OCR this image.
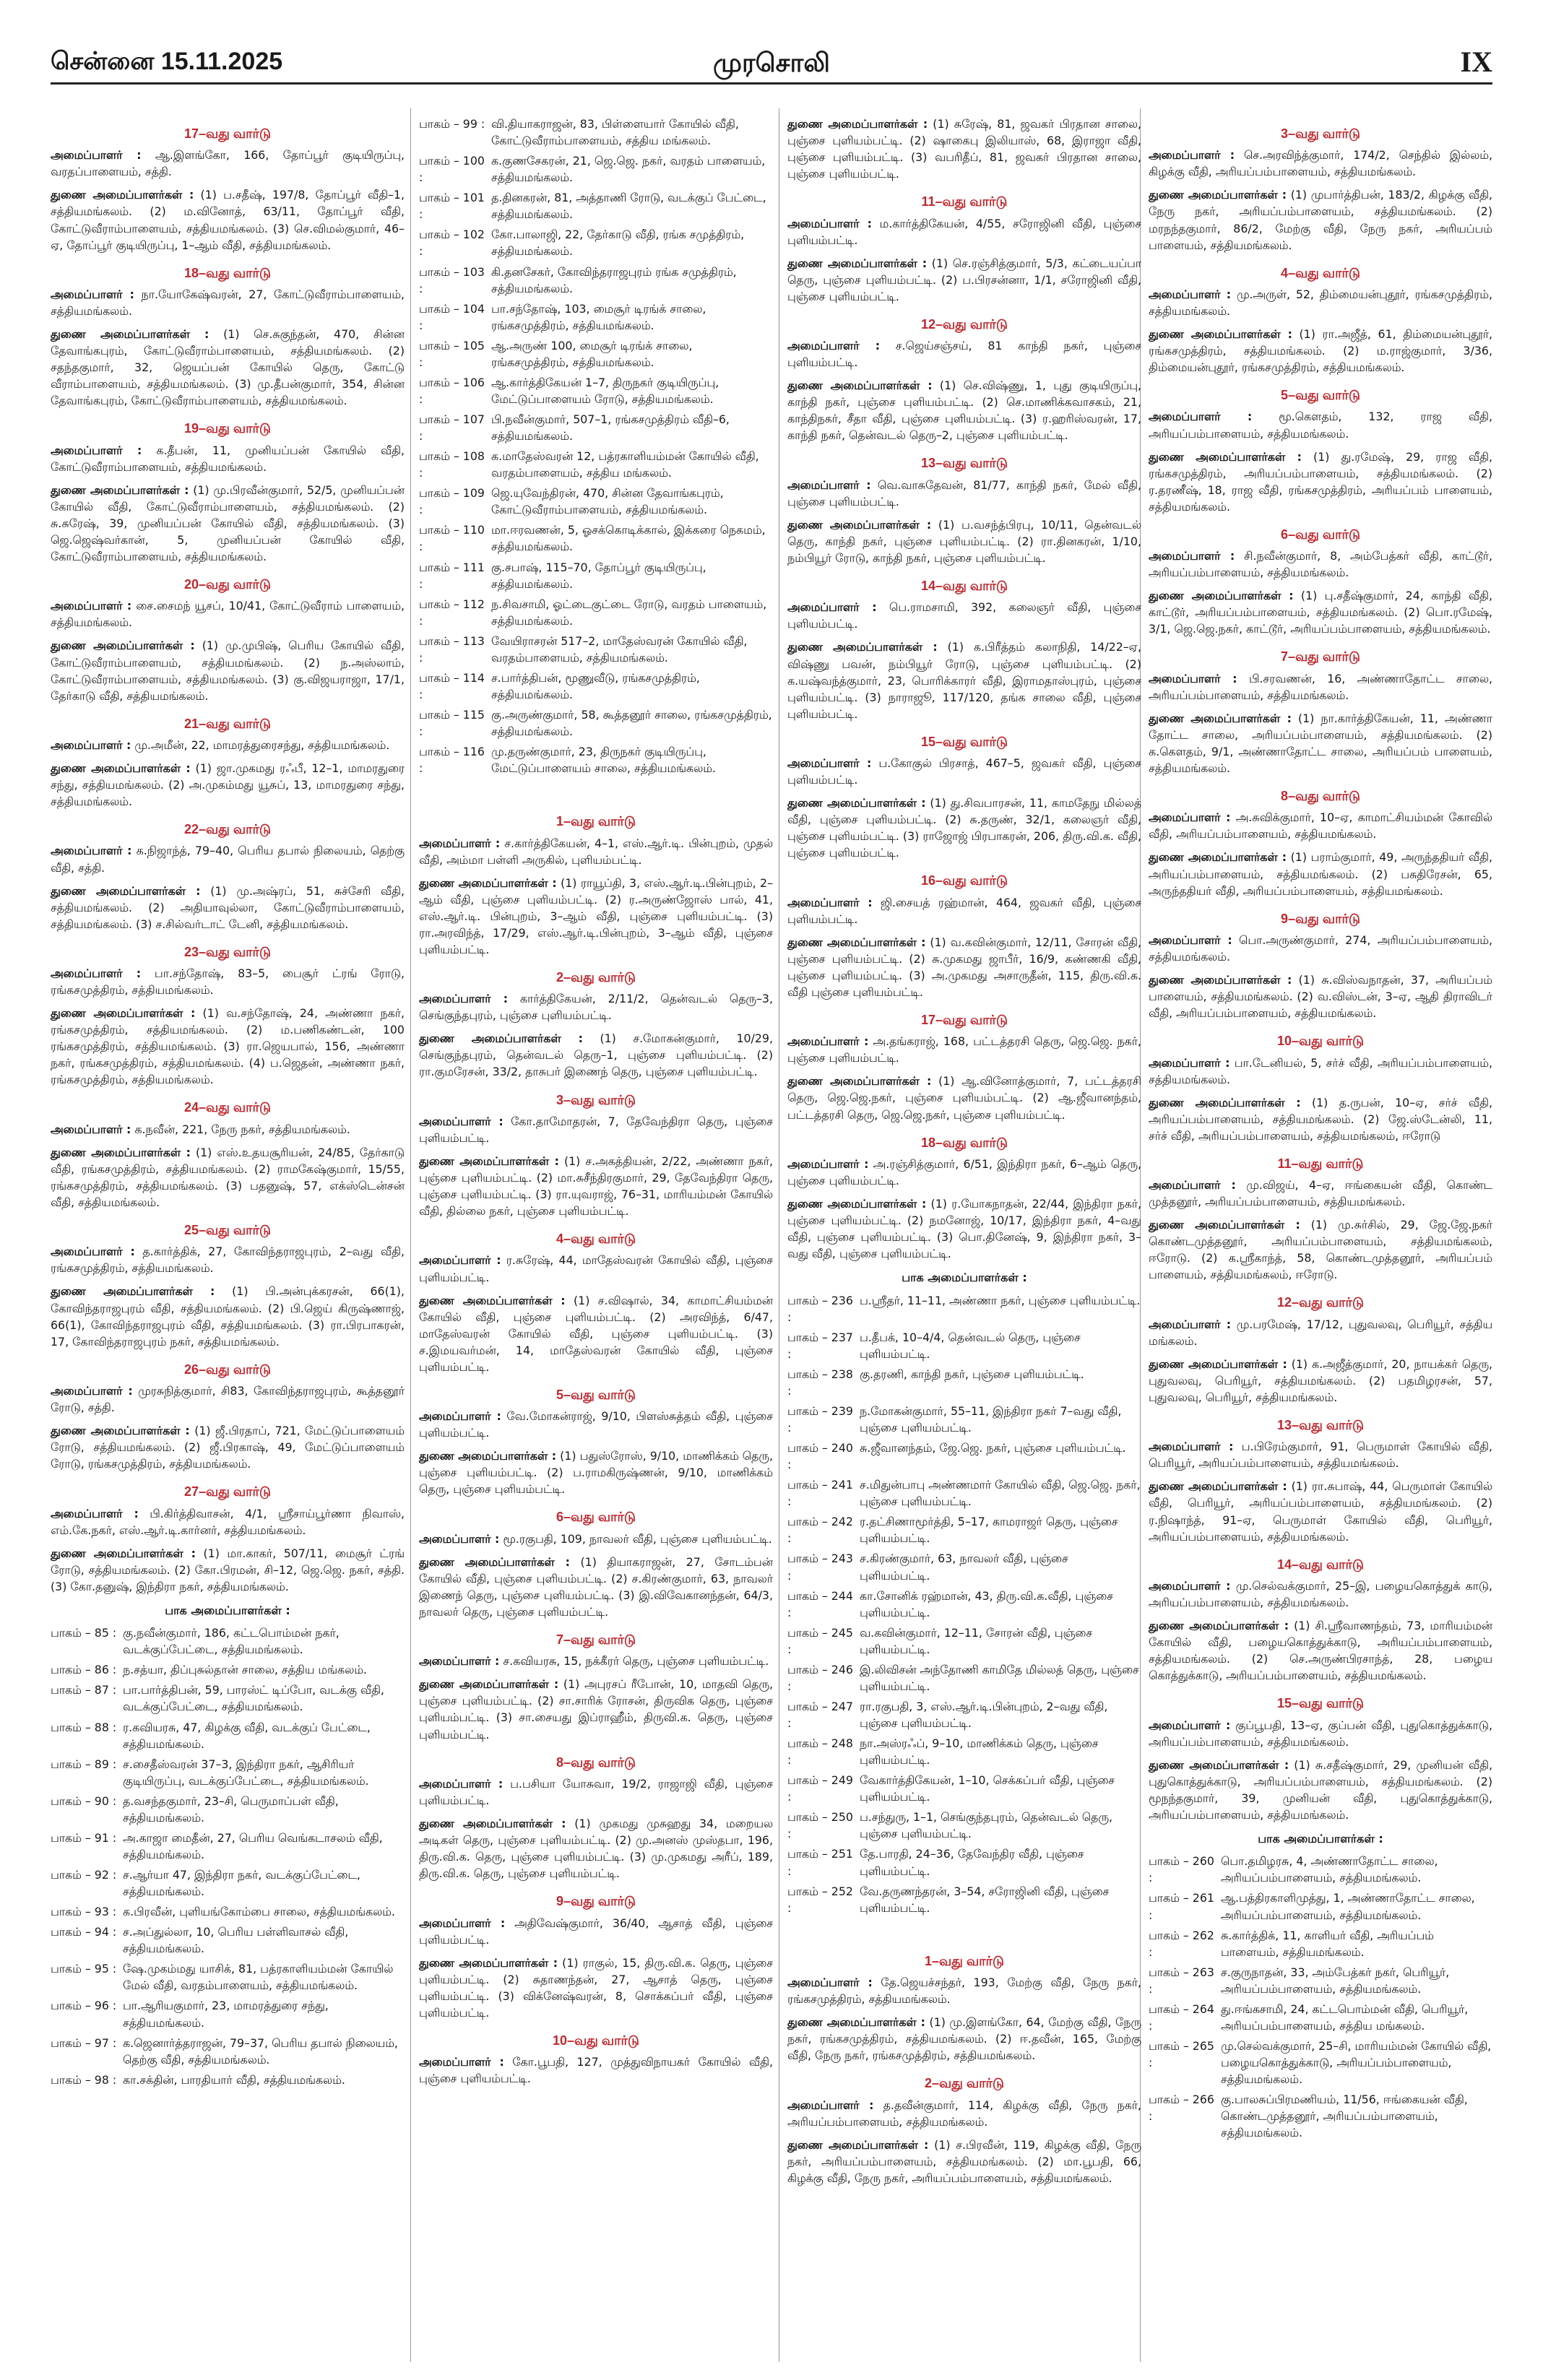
சென்னை 15.11.2025	முரசொலி	IX
17–வது வார்டு
அமைப்பாளர் : ஆ.இளங்கோ, 166, தோப்பூர் குடியிருப்பு, வரதப்பாளையம், சத்தி.
துணை அமைப்பாளர்கள் : (1) ப.சதீஷ், 197/8, தோப்பூர் வீதி–1, சத்தியமங்கலம். (2) ம.வினோத், 63/11, தோப்பூர் வீதி, கோட்டுவீராம்பாளையம், சத்தியமங்கலம். (3) செ.விமல்குமார், 46–ஏ, தோப்பூர் குடியிருப்பு, 1–ஆம் வீதி, சத்தியமங்கலம்.
18–வது வார்டு
அமைப்பாளர் : நா.யோகேஷ்வரன், 27, கோட்டுவீராம்பாளையம், சத்தியமங்கலம்.
துணை அமைப்பாளர்கள் : (1) செ.சுகுந்தன், 470, சின்ன தேவாங்கபுரம், கோட்டுவீராம்பாளையம், சத்தியமங்கலம். (2) சதந்தகுமார், 32, ஜெயப்பன் கோயில் தெரு, கோட்டு வீராம்பாளையம், சத்தியமங்கலம். (3) மு.தீபன்குமார், 354, சின்ன தேவாங்கபுரம், கோட்டுவீராம்பாளையம், சத்தியமங்கலம்.
19–வது வார்டு
அமைப்பாளர் : க.தீபன், 11, முனியப்பன் கோயில் வீதி, கோட்டுவீராம்பாளையம், சத்தியமங்கலம்.
துணை அமைப்பாளர்கள் : (1) மு.பிரவீன்குமார், 52/5, முனியப்பன் கோயில் வீதி, கோட்டுவீராம்பாளையம், சத்தியமங்கலம். (2) சு.சுரேஷ், 39, முனியப்பன் கோயில் வீதி, சத்தியமங்கலம். (3) ஜெ.ஜெஷ்வர்கான், 5, முனியப்பன் கோயில் வீதி, கோட்டுவீராம்பாளையம், சத்தியமங்கலம்.
20–வது வார்டு
அமைப்பாளர் : சை.சைமந் யூசப், 10/41, கோட்டுவீராம் பாளையம், சத்தியமங்கலம்.
துணை அமைப்பாளர்கள் : (1) மு.முபிஷ், பெரிய கோயில் வீதி, கோட்டுவீராம்பாளையம், சத்தியமங்கலம். (2) ந.அஸ்லாம், கோட்டுவீராம்பாளையம், சத்தியமங்கலம். (3) கு.விஜயராஜா, 17/1, தேர்காடு வீதி, சத்தியமங்கலம்.
21–வது வார்டு
அமைப்பாளர் : மு.அமீன், 22, மாமரத்துரைசந்து, சத்தியமங்கலம்.
துணை அமைப்பாளர்கள் : (1) ஜா.முகமது ரஃபீ, 12–1, மாமரதுரை சந்து, சத்தியமங்கலம். (2) அ.முகம்மது யூசுப், 13, மாமரதுரை சந்து, சத்தியமங்கலம்.
22–வது வார்டு
அமைப்பாளர் : க.நிஜாந்த், 79–40, பெரிய தபால் நிலையம், தெற்கு வீதி, சத்தி.
துணை அமைப்பாளர்கள் : (1) மு.அஷ்ரப், 51, சுச்சேரி வீதி, சத்தியமங்கலம். (2) அதியாவுல்லா, கோட்டுவீராம்பாளையம், சத்தியமங்கலம். (3) ச.சில்வர்டாட் டேனி, சத்தியமங்கலம்.
23–வது வார்டு
அமைப்பாளர் : பா.சந்தோஷ், 83–5, பைசூர் ட்ரங் ரோடு, ரங்கசமுத்திரம், சத்தியமங்கலம்.
துணை அமைப்பாளர்கள் : (1) வ.சந்தோஷ், 24, அண்ணா நகர், ரங்கசமுத்திரம், சத்தியமங்கலம். (2) ம.பணிகண்டன், 100 ரங்கசமுத்திரம், சத்தியமங்கலம். (3) ரா.ஜெயபால், 156, அண்ணா நகர், ரங்கசமுத்திரம், சத்தியமங்கலம். (4) ப.ஜெதன், அண்ணா நகர், ரங்கசமுத்திரம், சத்தியமங்கலம்.
24–வது வார்டு
அமைப்பாளர் : க.நவீன், 221, நேரு நகர், சத்தியமங்கலம்.
துணை அமைப்பாளர்கள் : (1) எஸ்.உதயசூரியன், 24/85, தேர்காடு வீதி, ரங்கசமுத்திரம், சத்தியமங்கலம். (2) ராமகேஷ்குமார், 15/55, ரங்கசமுத்திரம், சத்தியமங்கலம். (3) பதனுஷ், 57, எக்ஸ்டென்சன் வீதி, சத்தியமங்கலம்.
25–வது வார்டு
அமைப்பாளர் : த.கார்த்திக், 27, கோவிந்தராஜபுரம், 2–வது வீதி, ரங்கசமுத்திரம், சத்தியமங்கலம்.
துணை அமைப்பாளர்கள் : (1) பி.அன்புக்கரசன், 66(1), கோவிந்தராஜபுரம் வீதி, சத்தியமங்கலம். (2) பி.ஜெய் கிருஷ்ணாஜ், 66(1), கோவிந்தராஜபுரம் வீதி, சத்தியமங்கலம். (3) ரா.பிரபாகரன், 17, கோவிந்தராஜபுரம் நகர், சத்தியமங்கலம்.
26–வது வார்டு
அமைப்பாளர் : முரசுநித்குமார், சி83, கோவிந்தராஜபுரம், கூத்தனூர் ரோடு, சத்தி.
துணை அமைப்பாளர்கள் : (1) ஜீ.பிரதாப், 721, மேட்டுப்பாளையம் ரோடு, சத்தியமங்கலம். (2) ஜீ.பிரகாஷ், 49, மேட்டுப்பாளையம் ரோடு, ரங்கசமுத்திரம், சத்தியமங்கலம்.
27–வது வார்டு
அமைப்பாளர் : பி.கிர்த்திவாசன், 4/1, ஸ்ரீசாய்பூர்ணா நிவாஸ், எம்.கே.நகர், எஸ்.ஆர்.டி.கார்னர், சத்தியமங்கலம்.
துணை அமைப்பாளர்கள் : (1) மா.காகர், 507/11, மைசூர் ட்ரங் ரோடு, சத்தியமங்கலம். (2) கோ.பிரமன், சி–12, ஜெ.ஜெ. நகர், சத்தி. (3) கோ.தனுஷ், இந்திரா நகர், சத்தியமங்கலம்.
பாக அமைப்பாளர்கள் :
பாகம் – 85 : கு.நவீன்குமார், 186, கட்டபொம்மன் நகர், வடக்குப்பேட்டை, சத்தியமங்கலம்.
பாகம் – 86 : ந.சத்யா, திப்புசுல்தான் சாலை, சத்திய மங்கலம்.
பாகம் – 87 : பா.பார்த்திபன், 59, பாரஸ்ட் டிப்போ, வடக்கு வீதி, வடக்குப்பேட்டை, சத்தியமங்கலம்.
பாகம் – 88 : ர.கவியரசு, 47, கிழக்கு வீதி, வடக்குப் பேட்டை, சத்தியமங்கலம்.
பாகம் – 89 : ச.சைதீஸ்வரன் 37–3, இந்திரா நகர், ஆசிரியர் குடியிருப்பு, வடக்குப்பேட்டை, சத்தியமங்கலம்.
பாகம் – 90 : த.வசந்தகுமார், 23–சி, பெருமாப்பள் வீதி, சத்தியமங்கலம்.
பாகம் – 91 : அ.காஜா மைதீன், 27, பெரிய வெங்கடாசலம் வீதி, சத்தியமங்கலம்.
பாகம் – 92 : ச.ஆர்யா 47, இந்திரா நகர், வடக்குப்பேட்டை, சத்தியமங்கலம்.
பாகம் – 93 : க.பிரவீன், புளியங்கோம்பை சாலை, சத்தியமங்கலம்.
பாகம் – 94 : ச.அப்துல்லா, 10, பெரிய பள்ளிவாசல் வீதி, சத்தியமங்கலம்.
பாகம் – 95 : ஷே.முகம்மது யாசிக், 81, பத்ரகாளியம்மன் கோயில் மேல் வீதி, வரதம்பாளையம், சத்தியமங்கலம்.
பாகம் – 96 : பா.ஆரியகுமார், 23, மாமரத்துரை சந்து, சத்தியமங்கலம்.
பாகம் – 97 : க.ஜெனார்த்தராஜன், 79–37, பெரிய தபால் நிலையம், தெற்கு வீதி, சத்தியமங்கலம்.
பாகம் – 98 : கா.சக்தின், பாரதியார் வீதி, சத்தியமங்கலம்.
பாகம் – 99 : வி.தியாகராஜன், 83, பிள்ளையார் கோயில் வீதி, கோட்டுவீராம்பாளையம், சத்திய மங்கலம்.
பாகம் – 100 :
க.குணசேகரன், 21, ஜெ.ஜெ. நகர், வரதம் பாளையம், சத்தியமங்கலம்.
பாகம் – 101 :
த.தினகரன், 81, அத்தாணி ரோடு, வடக்குப் பேட்டை, சத்தியமங்கலம்.
பாகம் – 102 :
கோ.பாலாஜி, 22, தேர்காடு வீதி, ரங்க சமுத்திரம், சத்தியமங்கலம்.
பாகம் – 103 :
கி.தனசேகர், கோவிந்தராஜபுரம் ரங்க சமுத்திரம், சத்தியமங்கலம்.
பாகம் – 104 :
பா.சந்தோஷ், 103, மைசூர் டிரங்க் சாலை, ரங்கசமுத்திரம், சத்தியமங்கலம்.
பாகம் – 105 :
ஆ.அருண் 100, மைசூர் டிரங்க் சாலை, ரங்கசமுத்திரம், சத்தியமங்கலம்.
பாகம் – 106 :
ஆ.கார்த்திகேயன் 1–7, திருநகர் குடியிருப்பு, மேட்டுப்பாளையம் ரோடு, சத்தியமங்கலம்.
பாகம் – 107 :
பி.நவீன்குமார், 507–1, ரங்கசமுத்திரம் வீதி–6, சத்தியமங்கலம்.
பாகம் – 108 :
க.மாதேஸ்வரன் 12, பத்ரகாளியம்மன் கோயில் வீதி, வரதம்பாளையம், சத்திய மங்கலம்.
பாகம் – 109 :
ஜெ.யுவேந்திரன், 470, சின்ன தேவாங்கபுரம், கோட்டுவீராம்பாளையம், சத்தியமங்கலம்.
பாகம் – 110 :
மா.ஈரவணன், 5, ஓசக்கொடிக்கால், இக்கரை நெகமம், சத்தியமங்கலம்.
பாகம் – 111 :
கு.சபாஷ், 115–70, தோப்பூர் குடியிருப்பு, சத்தியமங்கலம்.
பாகம் – 112 :
ந.சிவசாமி, ஓட்டைகுட்டை ரோடு, வரதம் பாளையம், சத்தியமங்கலம்.
பாகம் – 113 :
வேயிராசரன் 517–2, மாதேஸ்வரன் கோயில் வீதி, வரதம்பாளையம், சத்தியமங்கலம்.
பாகம் – 114 :
ச.பார்த்திபன், மூணுவீடு, ரங்கசமுத்திரம், சத்தியமங்கலம்.
பாகம் – 115 :
கு.அருண்குமார், 58, கூத்தனூர் சாலை, ரங்கசமுத்திரம், சத்தியமங்கலம்.
பாகம் – 116 :
மு.தருண்குமார், 23, திருநகர் குடியிருப்பு, மேட்டுப்பாளையம் சாலை, சத்தியமங்கலம்.
1–வது வார்டு
அமைப்பாளர் : ச.கார்த்திகேயன், 4–1, எஸ்.ஆர்.டி. பின்புறம், முதல் வீதி, அம்மா பள்ளி அருகில், புளியம்பட்டி.
துணை அமைப்பாளர்கள் : (1) ராயூப்தி, 3, எஸ்.ஆர்.டி.பின்புறம், 2–ஆம் வீதி, புஞ்சை புளியம்பட்டி. (2) ர.அருண்ஜோஸ் பால், 41, எஸ்.ஆர்.டி. பின்புறம், 3–ஆம் வீதி, புஞ்சை புளியம்பட்டி. (3) ரா.அரவிந்த், 17/29, எஸ்.ஆர்.டி.பின்புறம், 3–ஆம் வீதி, புஞ்சை புளியம்பட்டி.
2–வது வார்டு
அமைப்பாளர் : கார்த்திகேயன், 2/11/2, தென்வடல் தெரு–3, செங்குந்தபுரம், புஞ்சை புளியம்பட்டி.
துணை அமைப்பாளர்கள் : (1) ச.மோகன்குமார், 10/29, செங்குந்தபுரம், தென்வடல் தெரு–1, புஞ்சை புளியம்பட்டி. (2) ரா.குமரேசன், 33/2, தாசுபர் இணைந் தெரு, புஞ்சை புளியம்பட்டி.
3–வது வார்டு
அமைப்பாளர் : கோ.தாமோதரன், 7, தேவேந்திரா தெரு, புஞ்சை புளியம்பட்டி.
துணை அமைப்பாளர்கள் : (1) ச.அகத்தியன், 2/22, அண்ணா நகர், புஞ்சை புளியம்பட்டி. (2) மா.சுசீந்திரகுமார், 29, தேவேந்திரா தெரு, புஞ்சை புளியம்பட்டி. (3) ரா.யுவராஜ், 76–31, மாரியம்மன் கோயில் வீதி, தில்லை நகர், புஞ்சை புளியம்பட்டி.
4–வது வார்டு
அமைப்பாளர் : ர.சுரேஷ், 44, மாதேஸ்வரன் கோயில் வீதி, புஞ்சை புளியம்பட்டி.
துணை அமைப்பாளர்கள் : (1) ச.விஷால், 34, காமாட்சியம்மன் கோயில் வீதி, புஞ்சை புளியம்பட்டி. (2) அரவிந்த், 6/47, மாதேஸ்வரன் கோயில் வீதி, புஞ்சை புளியம்பட்டி. (3) ச.இமயவர்மன், 14, மாதேஸ்வரன் கோயில் வீதி, புஞ்சை புளியம்பட்டி.
5–வது வார்டு
அமைப்பாளர் : வே.மோகன்ராஜ், 9/10, பிளஸ்சுத்தம் வீதி, புஞ்சை புளியம்பட்டி.
துணை அமைப்பாளர்கள் : (1) பதுஸ்ரோஸ், 9/10, மாணிக்கம் தெரு, புஞ்சை புளியம்பட்டி. (2) ப.ராமகிருஷ்ணன், 9/10, மாணிக்கம் தெரு, புஞ்சை புளியம்பட்டி.
6–வது வார்டு
அமைப்பாளர் : மூ.ரகுபதி, 109, நாவலர் வீதி, புஞ்சை புளியம்பட்டி.
துணை அமைப்பாளர்கள் : (1) தியாகராஜன், 27, சோடம்பன் கோயில் வீதி, புஞ்சை புளியம்பட்டி. (2) ச.கிரண்குமார், 63, நாவலர் இணைந் தெரு, புஞ்சை புளியம்பட்டி. (3) இ.விவேகானந்தன், 64/3, நாவலர் தெரு, புஞ்சை புளியம்பட்டி.
7–வது வார்டு
அமைப்பாளர் : ச.கவியரசு, 15, நக்கீரர் தெரு, புஞ்சை புளியம்பட்டி.
துணை அமைப்பாளர்கள் : (1) அபுரசப் ரீபோன், 10, மாதவி தெரு, புஞ்சை புளியம்பட்டி. (2) சா.சாரிக் ரோசன், திருவிக தெரு, புஞ்சை புளியம்பட்டி. (3) சா.சையது இப்ராஹீம், திருவி.க. தெரு, புஞ்சை புளியம்பட்டி.
8–வது வார்டு
அமைப்பாளர் : ப.பசியா யோசுவா, 19/2, ராஜாஜி வீதி, புஞ்சை புளியம்பட்டி.
துணை அமைப்பாளர்கள் : (1) முகமது முசுஹது 34, மறையல அடிகள் தெரு, புஞ்சை புளியம்பட்டி. (2) மு.அனஸ் முஸ்தபா, 196, திரு.வி.க. தெரு, புஞ்சை புளியம்பட்டி. (3) மு.முகமது அரீப், 189, திரு.வி.க. தெரு, புஞ்சை புளியம்பட்டி.
9–வது வார்டு
அமைப்பாளர் : அதிவேஷ்குமார், 36/40, ஆசாத் வீதி, புஞ்சை புளியம்பட்டி.
துணை அமைப்பாளர்கள் : (1) ராகுல், 15, திரு.வி.க. தெரு, புஞ்சை புளியம்பட்டி. (2) சுதாணந்தன், 27, ஆசாத் தெரு, புஞ்சை புளியம்பட்டி. (3) விக்னேஷ்வரன், 8, சொக்கப்பர் வீதி, புஞ்சை புளியம்பட்டி.
10–வது வார்டு
அமைப்பாளர் : கோ.பூபதி, 127, முத்துவிநாயகர் கோயில் வீதி, புஞ்சை புளியம்பட்டி.
துணை அமைப்பாளர்கள் : (1) சுரேஷ், 81, ஜவகர் பிரதான சாலை, புஞ்சை புளியம்பட்டி. (2) ஷாகைபு இலியாஸ், 68, இராஜா வீதி, புஞ்சை புளியம்பட்டி. (3) வபரிதீப், 81, ஜவகர் பிரதான சாலை, புஞ்சை புளியம்பட்டி.
11–வது வார்டு
அமைப்பாளர் : ம.கார்த்திகேயன், 4/55, சரோஜினி வீதி, புஞ்சை புளியம்பட்டி.
துணை அமைப்பாளர்கள் : (1) செ.ரஞ்சித்குமார், 5/3, கட்டையப்பா தெரு, புஞ்சை புளியம்பட்டி. (2) ப.பிரசன்னா, 1/1, சரோஜினி வீதி, புஞ்சை புளியம்பட்டி.
12–வது வார்டு
அமைப்பாளர் : ச.ஜெய்சஞ்சய், 81 காந்தி நகர், புஞ்சை புளியம்பட்டி.
துணை அமைப்பாளர்கள் : (1) செ.விஷ்ணு, 1, புது குடியிருப்பு, காந்தி நகர், புஞ்சை புளியம்பட்டி. (2) செ.மாணிக்கவாசகம், 21, காந்திநகர், சீதா வீதி, புஞ்சை புளியம்பட்டி. (3) ர.ஹரிஸ்வரன், 17, காந்தி நகர், தென்வடல் தெரு–2, புஞ்சை புளியம்பட்டி.
13–வது வார்டு
அமைப்பாளர் : வெ.வாசுதேவன், 81/77, காந்தி நகர், மேல் வீதி, புஞ்சை புளியம்பட்டி.
துணை அமைப்பாளர்கள் : (1) ப.வசந்த்பிரபு, 10/11, தென்வடல் தெரு, காந்தி நகர், புஞ்சை புளியம்பட்டி. (2) ரா.தினகரன், 1/10, நம்பியூர் ரோடு, காந்தி நகர், புஞ்சை புளியம்பட்டி.
14–வது வார்டு
அமைப்பாளர் : பெ.ராமசாமி, 392, கலைஞர் வீதி, புஞ்சை புளியம்பட்டி.
துணை அமைப்பாளர்கள் : (1) க.பிரீத்தம் கலாநிதி, 14/22–ஏ, விஷ்ணு பவன், நம்பியூர் ரோடு, புஞ்சை புளியம்பட்டி. (2) க.யஷ்வந்த்குமார், 23, பொரிக்காரர் வீதி, இராமதாஸ்புரம், புஞ்சை புளியம்பட்டி. (3) நாராஜூ, 117/120, தங்க சாலை வீதி, புஞ்சை புளியம்பட்டி.
15–வது வார்டு
அமைப்பாளர் : ப.கோகுல் பிரசாத், 467–5, ஜவகர் வீதி, புஞ்சை புளியம்பட்டி.
துணை அமைப்பாளர்கள் : (1) து.சிவபாரசன், 11, காமதேநு மில்லத் வீதி, புஞ்சை புளியம்பட்டி. (2) சு.தருண், 32/1, கலைஞர் வீதி, புஞ்சை புளியம்பட்டி. (3) ராஜோஜ் பிரபாகரன், 206, திரு.வி.க. வீதி, புஞ்சை புளியம்பட்டி.
16–வது வார்டு
அமைப்பாளர் : ஜி.சையத் ரஹ்மான், 464, ஜவகர் வீதி, புஞ்சை புளியம்பட்டி.
துணை அமைப்பாளர்கள் : (1) வ.கவின்குமார், 12/11, சோரன் வீதி, புஞ்சை புளியம்பட்டி. (2) சு.முகமது ஜாபீர், 16/9, கண்ணகி வீதி, புஞ்சை புளியம்பட்டி. (3) அ.முகமது அசாருதீன், 115, திரு.வி.க. வீதி புஞ்சை புளியம்பட்டி.
17–வது வார்டு
அமைப்பாளர் : அ.தங்கராஜ், 168, பட்டத்தரசி தெரு, ஜெ.ஜெ. நகர், புஞ்சை புளியம்பட்டி.
துணை அமைப்பாளர்கள் : (1) ஆ.வினோத்குமார், 7, பட்டத்தரசி தெரு, ஜெ.ஜெ.நகர், புஞ்சை புளியம்பட்டி. (2) ஆ.ஜீவானந்தம், பட்டத்தரசி தெரு, ஜெ.ஜெ.நகர், புஞ்சை புளியம்பட்டி.
18–வது வார்டு
அமைப்பாளர் : அ.ரஞ்சித்குமார், 6/51, இந்திரா நகர், 6–ஆம் தெரு, புஞ்சை புளியம்பட்டி.
துணை அமைப்பாளர்கள் : (1) ர.யோகநாதன், 22/44, இந்திரா நகர், புஞ்சை புளியம்பட்டி. (2) நமனோஜ், 10/17, இந்திரா நகர், 4–வது வீதி, புஞ்சை புளியம்பட்டி. (3) பொ.தினேஷ், 9, இந்திரா நகர், 3–வது வீதி, புஞ்சை புளியம்பட்டி.
பாக அமைப்பாளர்கள் :
பாகம் – 236 :
ப.ஸ்ரீதர், 11–11, அண்ணா நகர், புஞ்சை புளியம்பட்டி.
பாகம் – 237 :
ப.தீபக், 10–4/4, தென்வடல் தெரு, புஞ்சை புளியம்பட்டி.
பாகம் – 238 :
கு.தரணி, காந்தி நகர், புஞ்சை புளியம்பட்டி.
பாகம் – 239 :
ந.மோகன்குமார், 55–11, இந்திரா நகர் 7–வது வீதி, புஞ்சை புளியம்பட்டி.
பாகம் – 240 :
சு.ஜீவானந்தம், ஜே.ஜெ. நகர், புஞ்சை புளியம்பட்டி.
பாகம் – 241 :
ச.மிதுன்பாபு அண்ணமார் கோயில் வீதி, ஜெ.ஜெ. நகர், புஞ்சை புளியம்பட்டி.
பாகம் – 242 :
ர.தட்சிணாமூர்த்தி, 5–17, காமராஜர் தெரு, புஞ்சை புளியம்பட்டி.
பாகம் – 243 :
ச.கிரண்குமார், 63, நாவலர் வீதி, புஞ்சை புளியம்பட்டி.
பாகம் – 244 :
கா.சோனிக் ரஹ்மான், 43, திரு.வி.க.வீதி, புஞ்சை புளியம்பட்டி.
பாகம் – 245 :
வ.கவின்குமார், 12–11, சோரன் வீதி, புஞ்சை புளியம்பட்டி.
பாகம் – 246 :
இ.லிவிசன் அந்தோணி காமிதே மில்லத் தெரு, புஞ்சை புளியம்பட்டி.
பாகம் – 247 :
ரா.ரகுபதி, 3, எஸ்.ஆர்.டி.பின்புறம், 2–வது வீதி, புஞ்சை புளியம்பட்டி.
பாகம் – 248 :
நா.அஸ்ரஃப், 9–10, மாணிக்கம் தெரு, புஞ்சை புளியம்பட்டி.
பாகம் – 249 :
வேகார்த்திகேயன், 1–10, செக்கப்பர் வீதி, புஞ்சை புளியம்பட்டி.
பாகம் – 250 :
ப.சந்துரு, 1–1, செங்குந்தபுரம், தென்வடல் தெரு, புஞ்சை புளியம்பட்டி.
பாகம் – 251 :
தே.பாரதி, 24–36, தேவேந்திர வீதி, புஞ்சை புளியம்பட்டி.
பாகம் – 252 :
வே.தருணந்தரன், 3–54, சரோஜினி வீதி, புஞ்சை புளியம்பட்டி.
1–வது வார்டு
அமைப்பாளர் : தே.ஜெயச்சந்தர், 193, மேற்கு வீதி, நேரு நகர், ரங்கசமுத்திரம், சத்தியமங்கலம்.
துணை அமைப்பாளர்கள் : (1) மு.இளங்கோ, 64, மேற்கு வீதி, நேரு நகர், ரங்கசமுத்திரம், சத்தியமங்கலம். (2) ஈ.தவீன், 165, மேற்கு வீதி, நேரு நகர், ரங்கசமுத்திரம், சத்தியமங்கலம்.
2–வது வார்டு
அமைப்பாளர் : த.தவீன்குமார், 114, கிழக்கு வீதி, நேரு நகர், அரியப்பம்பாளையம், சத்தியமங்கலம்.
துணை அமைப்பாளர்கள் : (1) ச.பிரவீன், 119, கிழக்கு வீதி, நேரு நகர், அரியப்பம்பாளையம், சத்தியமங்கலம். (2) மா.பூபதி, 66, கிழக்கு வீதி, நேரு நகர், அரியப்பம்பாளையம், சத்தியமங்கலம்.
3–வது வார்டு
அமைப்பாளர் : செ.அரவிந்த்குமார், 174/2, செந்தில் இல்லம், கிழக்கு வீதி, அரியப்பம்பாளையம், சத்தியமங்கலம்.
துணை அமைப்பாளர்கள் : (1) முபார்த்திபன், 183/2, கிழக்கு வீதி, நேரு நகர், அரியப்பம்பாளையம், சத்தியமங்கலம். (2) மரநந்தகுமார், 86/2, மேற்கு வீதி, நேரு நகர், அரியப்பம் பாளையம், சத்தியமங்கலம்.
4–வது வார்டு
அமைப்பாளர் : மு.அருள், 52, திம்மையன்புதூர், ரங்கசமுத்திரம், சத்தியமங்கலம்.
துணை அமைப்பாளர்கள் : (1) ரா.அஜீத், 61, திம்மையன்புதூர், ரங்கசமுத்திரம், சத்தியமங்கலம். (2) ம.ராஜ்குமார், 3/36, திம்மையன்புதூர், ரங்கசமுத்திரம், சத்தியமங்கலம்.
5–வது வார்டு
அமைப்பாளர் : மூ.கௌதம், 132, ராஜ வீதி, அரியப்பம்பாளையம், சத்தியமங்கலம்.
துணை அமைப்பாளர்கள் : (1) து.ரமேஷ், 29, ராஜ வீதி, ரங்கசமுத்திரம், அரியப்பம்பாளையம், சத்தியமங்கலம். (2) ர.தரணீஷ், 18, ராஜ வீதி, ரங்கசமுத்திரம், அரியப்பம் பாளையம், சத்தியமங்கலம்.
6–வது வார்டு
அமைப்பாளர் : சி.நவீன்குமார், 8, அம்பேத்கர் வீதி, காட்டூர், அரியப்பம்பாளையம், சத்தியமங்கலம்.
துணை அமைப்பாளர்கள் : (1) பு.சதீஷ்குமார், 24, காந்தி வீதி, காட்டூர், அரியப்பம்பாளையம், சத்தியமங்கலம். (2) பொ.ரமேஷ், 3/1, ஜெ.ஜெ.நகர், காட்டூர், அரியப்பம்பாளையம், சத்தியமங்கலம்.
7–வது வார்டு
அமைப்பாளர் : பி.சரவணன், 16, அண்ணாதோட்ட சாலை, அரியப்பம்பாளையம், சத்தியமங்கலம்.
துணை அமைப்பாளர்கள் : (1) நா.கார்த்திகேயன், 11, அண்ணா தோட்ட சாலை, அரியப்பம்பாளையம், சத்தியமங்கலம். (2) க.கௌதம், 9/1, அண்ணாதோட்ட சாலை, அரியப்பம் பாளையம், சத்தியமங்கலம்.
8–வது வார்டு
அமைப்பாளர் : அ.சுவிக்குமார், 10–ஏ, காமாட்சியம்மன் கோவில் வீதி, அரியப்பம்பாளையம், சத்தியமங்கலம்.
துணை அமைப்பாளர்கள் : (1) பராம்குமார், 49, அருந்ததியர் வீதி, அரியப்பம்பாளையம், சத்தியமங்கலம். (2) பசுதிரேசன், 65, அருந்ததியர் வீதி, அரியப்பம்பாளையம், சத்தியமங்கலம்.
9–வது வார்டு
அமைப்பாளர் : பொ.அருண்குமார், 274, அரியப்பம்பாளையம், சத்தியமங்கலம்.
துணை அமைப்பாளர்கள் : (1) சு.விஸ்வநாதன், 37, அரியப்பம் பாளையம், சத்தியமங்கலம். (2) வ.விஸ்டன், 3–ஏ, ஆதி திராவிடர் வீதி, அரியப்பம்பாளையம், சத்தியமங்கலம்.
10–வது வார்டு
அமைப்பாளர் : பா.டேனியல், 5, சர்ச் வீதி, அரியப்பம்பாளையம், சத்தியமங்கலம்.
துணை அமைப்பாளர்கள் : (1) த.ருபன், 10–ஏ, சர்ச் வீதி, அரியப்பம்பாளையம், சத்தியமங்கலம். (2) ஜே.ஸ்டேன்லி, 11, சர்ச் வீதி, அரியப்பம்பாளையம், சத்தியமங்கலம், ஈரோடு
11–வது வார்டு
அமைப்பாளர் : மு.விஜய், 4–ஏ, ஈங்கையன் வீதி, கொண்ட முத்தனூர், அரியப்பம்பாளையம், சத்தியமங்கலம்.
துணை அமைப்பாளர்கள் : (1) மு.சுர்சில், 29, ஜே.ஜே.நகர் கொண்டமுத்தனூர், அரியப்பம்பாளையம், சத்தியமங்கலம், ஈரோடு. (2) க.ஸ்ரீகாந்த், 58, கொண்டமுத்தனூர், அரியப்பம் பாளையம், சத்தியமங்கலம், ஈரோடு.
12–வது வார்டு
அமைப்பாளர் : மு.பரமேஷ், 17/12, புதுவலவு, பெரியூர், சத்திய மங்கலம்.
துணை அமைப்பாளர்கள் : (1) க.அஜீத்குமார், 20, நாயக்கர் தெரு, புதுவலவு, பெரியூர், சத்தியமங்கலம். (2) பதமிழரசன், 57, புதுவலவு, பெரியூர், சத்தியமங்கலம்.
13–வது வார்டு
அமைப்பாளர் : ப.பிரேம்குமார், 91, பெருமாள் கோயில் வீதி, பெரியூர், அரியப்பம்பாளையம், சத்தியமங்கலம்.
துணை அமைப்பாளர்கள் : (1) ரா.சுபாஷ், 44, பெருமாள் கோயில் வீதி, பெரியூர், அரியப்பம்பாளையம், சத்தியமங்கலம். (2) ர.நிஷாந்த், 91–ஏ, பெருமாள் கோயில் வீதி, பெரியூர், அரியப்பம்பாளையம், சத்தியமங்கலம்.
14–வது வார்டு
அமைப்பாளர் : மு.செல்வக்குமார், 25–இ, பழையகொத்துக் காடு, அரியப்பம்பாளையம், சத்தியமங்கலம்.
துணை அமைப்பாளர்கள் : (1) சி.ஸ்ரீவாணந்தம், 73, மாரியம்மன் கோயில் வீதி, பழையகொத்துக்காடு, அரியப்பம்பாளையம், சத்தியமங்கலம். (2) செ.அருண்பிரசாந்த், 28, பழைய கொத்துக்காடு, அரியப்பம்பாளையம், சத்தியமங்கலம்.
15–வது வார்டு
அமைப்பாளர் : குப்பூபதி, 13–ஏ, குப்பன் வீதி, புதுகொத்துக்காடு, அரியப்பம்பாளையம், சத்தியமங்கலம்.
துணை அமைப்பாளர்கள் : (1) சு.சதீஷ்குமார், 29, முனியன் வீதி, புதுகொத்துக்காடு, அரியப்பம்பாளையம், சத்தியமங்கலம். (2) மூநந்தகுமார், 39, முனியன் வீதி, புதுகொத்துக்காடு, அரியப்பம்பாளையம், சத்தியமங்கலம்.
பாக அமைப்பாளர்கள் :
பாகம் – 260 :
பொ.தமிழரசு, 4, அண்ணாதோட்ட சாலை, அரியப்பம்பாளையம், சத்தியமங்கலம்.
பாகம் – 261 :
ஆ.பத்திரகாளிமுத்து, 1, அண்ணாதோட்ட சாலை, அரியப்பம்பாளையம், சத்தியமங்கலம்.
பாகம் – 262 :
சு.கார்த்திக், 11, காளியர் வீதி, அரியப்பம் பாளையம், சத்தியமங்கலம்.
பாகம் – 263 :
ச.குருநாதன், 33, அம்பேத்கர் நகர், பெரியூர், அரியப்பம்பாளையம், சத்தியமங்கலம்.
பாகம் – 264 :
து.ஈங்கசாமி, 24, கட்டபொம்மன் வீதி, பெரியூர், அரியப்பம்பாளையம், சத்திய மங்கலம்.
பாகம் – 265 :
மு.செல்வக்குமார், 25–சி, மாரியம்மன் கோயில் வீதி, பழையகொத்துக்காடு, அரியப்பம்பாளையம், சத்தியமங்கலம்.
பாகம் – 266 :
கு.பாலசுப்பிரமணியம், 11/56, ஈங்கையன் வீதி, கொண்டமுத்தனூர், அரியப்பம்பாளையம், சத்தியமங்கலம்.
